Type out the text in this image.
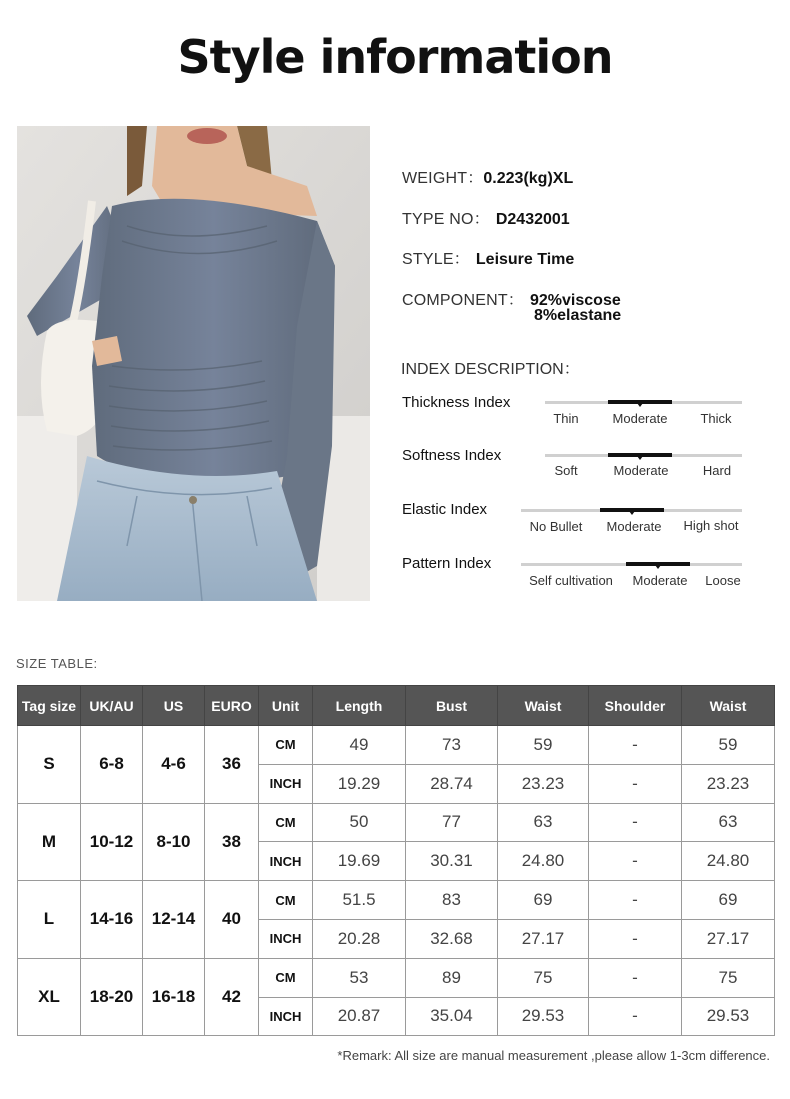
Style information
WEIGHT：0.223(kg)XL
TYPE NO： D2432001
STYLE： Leisure Time
COMPONENT： 92%viscose
8%elastane
INDEX DESCRIPTION：
Thickness Index
Thin	Moderate	Thick
Softness Index
Soft	Moderate	Hard
Elastic Index
No Bullet Moderate High shot
Pattern Index
Self cultivation Moderate Loose
SIZE TABLE:
Tag size	UK/AU	US	EURO	Unit	Length	Bust	Waist	Shoulder	Waist
S	6-8	4-6	36	CM	49	73	59	-	59
				INCH	19.29	28.74	23.23	-	23.23
M	10-12	8-10	38	CM	50	77	63	-	63
				INCH	19.69	30.31	24.80	-	24.80
L	14-16	12-14	40	CM	51.5	83	69	-	69
				INCH	20.28	32.68	27.17	-	27.17
XL	18-20	16-18	42	CM	53	89	75	-	75
				INCH	20.87	35.04	29.53	-	29.53
*Remark: All size are manual measurement ,please allow 1-3cm difference.
